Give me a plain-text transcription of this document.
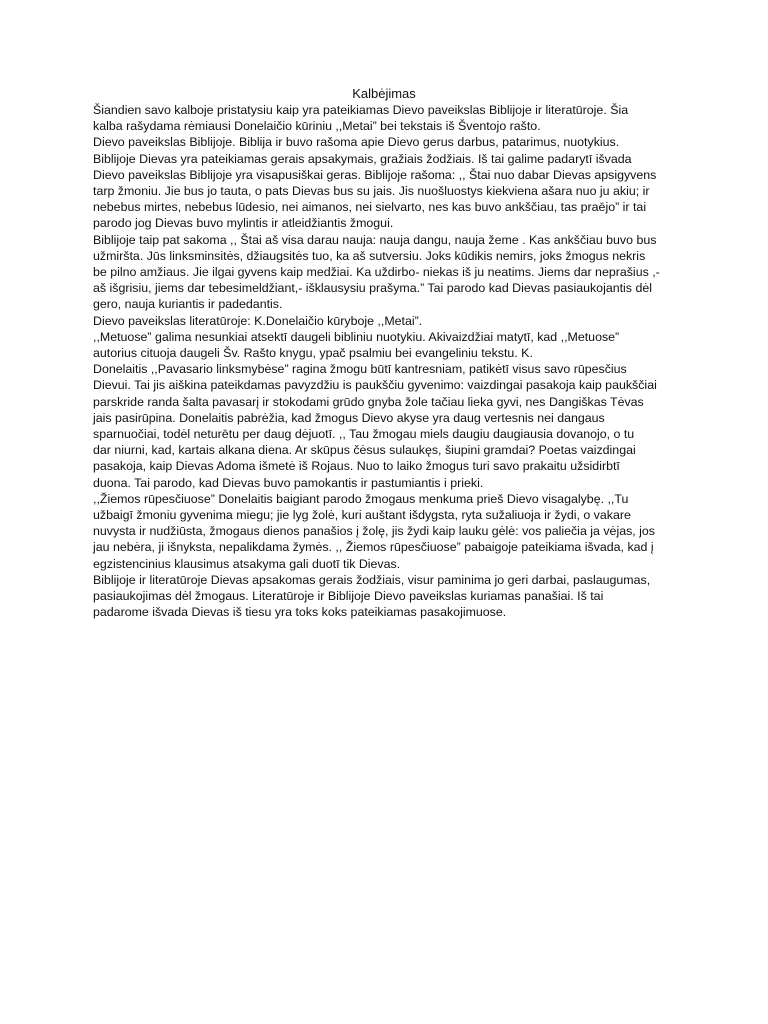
Kalbėjimas
Šiandien savo kalboje pristatysiu kaip yra pateikiamas Dievo paveikslas Biblijoje ir literatūroje. Šia
kalba rašydama rėmiausi Donelaičio kūriniu ,,Metai” bei tekstais iš Šventojo rašto.
Dievo paveikslas Biblijoje. Biblija ir buvo rašoma apie Dievo gerus darbus, patarimus, nuotykius.
Biblijoje Dievas yra pateikiamas gerais apsakymais, gražiais žodžiais. Iš tai galime padarytī išvada
Dievo paveikslas Biblijoje yra visapusiškai geras. Biblijoje rašoma: ,, Štai nuo dabar Dievas apsigyvens
tarp žmoniu. Jie bus jo tauta, o pats Dievas bus su jais. Jis nuošluostys kiekviena ašara nuo ju akiu; ir
nebebus mirtes, nebebus lūdesio, nei aimanos, nei sielvarto, nes kas buvo ankščiau, tas praējo” ir tai
parodo jog Dievas buvo mylintis ir atleidžiantis žmogui.
Biblijoje taip pat sakoma ,, Štai aš visa darau nauja: nauja dangu, nauja žeme . Kas ankščiau buvo bus
užmiršta. Jūs linksminsitės, džiaugsitės tuo, ka aš sutversiu. Joks kūdikis nemirs, joks žmogus nekris
be pilno amžiaus. Jie ilgai gyvens kaip medžiai. Ka uždirbo- niekas iš ju neatims. Jiems dar neprašius ,-
aš išgrisiu, jiems dar tebesimeldžiant,- išklausysiu prašyma.” Tai parodo kad Dievas pasiaukojantis dėl
gero, nauja kuriantis ir padedantis.
Dievo paveikslas literatūroje: K.Donelaičio kūryboje ,,Metai”.
,,Metuose” galima nesunkiai atsektī daugeli bibliniu nuotykiu. Akivaizdžiai matytī, kad ,,Metuose”
autorius cituoja daugeli Šv. Rašto knygu, ypač psalmiu bei evangeliniu tekstu. K.
Donelaitis ,,Pavasario linksmybėse” ragina žmogu būtī kantresniam, patikėtī visus savo rūpesčius
Dievui. Tai jis aiškina pateikdamas pavyzdžiu is paukščiu gyvenimo: vaizdingai pasakoja kaip paukščiai
parskride randa šalta pavasarį ir stokodami grūdo gnyba žole tačiau lieka gyvi, nes Dangiškas Tėvas
jais pasirūpina. Donelaitis pabrėžia, kad žmogus Dievo akyse yra daug vertesnis nei dangaus
sparnuočiai, todėl neturētu per daug dėjuotī. ,, Tau žmogau miels daugiu daugiausia dovanojo, o tu
dar niurni, kad, kartais alkana diena. Ar skūpus čėsus sulaukęs, šiupini gramdai? Poetas vaizdingai
pasakoja, kaip Dievas Adoma išmetė iš Rojaus. Nuo to laiko žmogus turi savo prakaitu užsidirbtī
duona. Tai parodo, kad Dievas buvo pamokantis ir pastumiantis i prieki.
,,Žiemos rūpesčiuose” Donelaitis baigiant parodo žmogaus menkuma prieš Dievo visagalybę. ,,Tu
užbaigī žmoniu gyvenima miegu; jie lyg žolė, kuri auštant išdygsta, ryta sužaliuoja ir žydi, o vakare
nuvysta ir nudžiūsta, žmogaus dienos panašios į žolę, jis žydi kaip lauku gėlė: vos paliečia ja vėjas, jos
jau nebėra, ji išnyksta, nepalikdama žymės. ,, Žiemos rūpesčiuose” pabaigoje pateikiama išvada, kad į
egzistencinius klausimus atsakyma gali duotī tik Dievas.
Biblijoje ir literatūroje Dievas apsakomas gerais žodžiais, visur paminima jo geri darbai, paslaugumas,
pasiaukojimas dėl žmogaus. Literatūroje ir Biblijoje Dievo paveikslas kuriamas panašiai. Iš tai
padarome išvada Dievas iš tiesu yra toks koks pateikiamas pasakojimuose.
